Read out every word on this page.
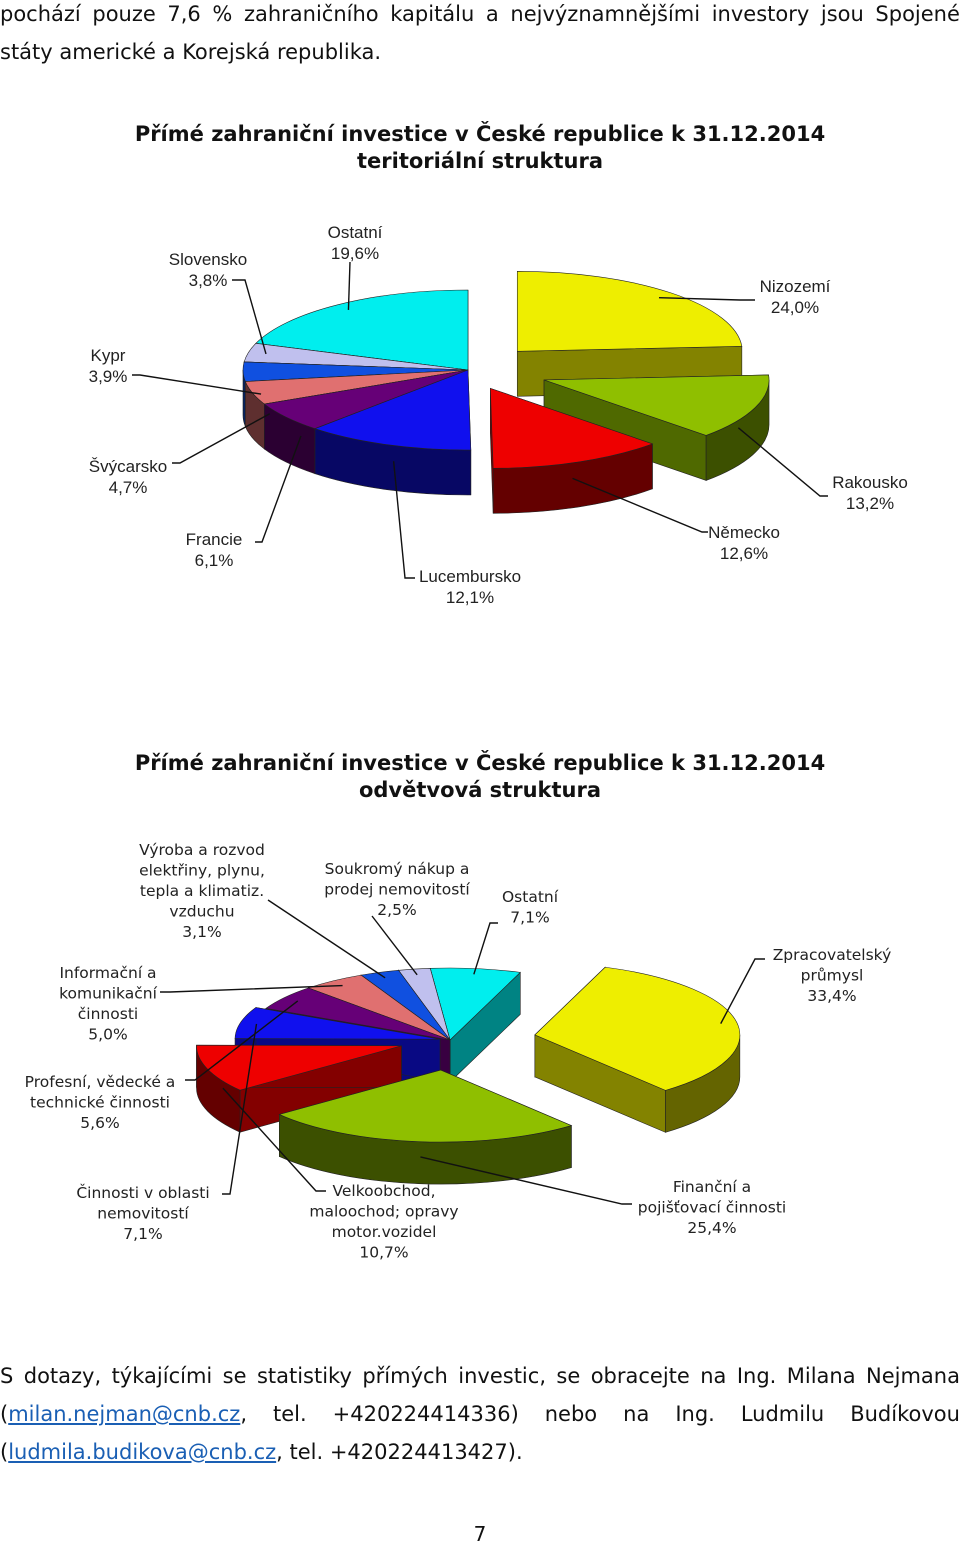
pochází pouze 7,6 % zahraničního kapitálu a nejvýznamnějšími investory jsou Spojené
státy americké a Korejská republika.
Přímé zahraniční investice v České republice k 31.12.2014
teritoriální struktura
Nizozemí 24,0%
Rakousko 13,2%
Německo 12,6%
Lucembursko 12,1%
Francie 6,1%
Švýcarsko 4,7%
Kypr 3,9%
Slovensko 3,8%
Ostatní 19,6%
Přímé zahraniční investice v České republice k 31.12.2014
odvětvová struktura
Zpracovatelský průmysl 33,4%
Finanční a pojišťovací činnosti 25,4%
Velkoobchod, maloochod; opravy motor.vozidel 10,7%
Činnosti v oblasti nemovitostí 7,1%
Profesní, vědecké a technické činnosti 5,6%
Informační a komunikační činnosti 5,0%
Výroba a rozvod elektřiny, plynu, tepla a klimatiz. vzduchu 3,1%
Soukromý nákup a prodej nemovitostí 2,5%
Ostatní 7,1%
S dotazy, týkajícími se statistiky přímých investic, se obracejte na Ing. Milana Nejmana
(milan.nejman@cnb.cz, tel. +420224414336) nebo na Ing. Ludmilu Budíkovou
(ludmila.budikova@cnb.cz, tel. +420224413427).
7
